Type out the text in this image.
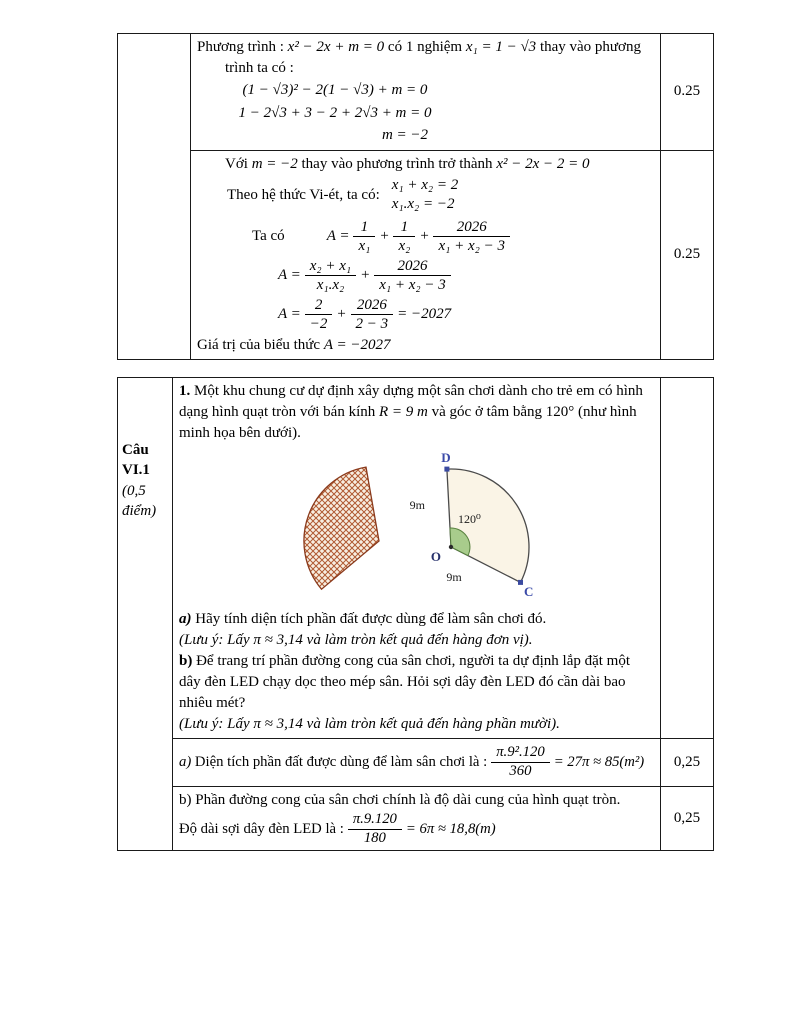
	Phương trình : x² − 2x + m = 0 có 1 nghiệm x₁ = 1 − √3 thay vào phương
trình ta có :
(1 − √3)² − 2(1 − √3) + m = 0
1 − 2√3 + 3 − 2 + 2√3 + m = 0
m = −2	0.25

Với m = −2 thay vào phương trình trở thành x² − 2x − 2 = 0
Theo hệ thức Vi-ét, ta có:
x₁ + x₂ = 2
x₁.x₂ = −2
Ta có	$A = \frac{1}{\text{x₁}} + \frac{1}{\text{x₂}} + \frac{2026}{\text{x₁ + x₂ − 3}}$
$A = \frac{\text{x₂ + x₁}}{\text{x₁.x₂}} + \frac{2026}{\text{x₁ + x₂ − 3}}$
$A = \frac{2}{-2} + \frac{2026}{2 - 3} = -2027$
Giá trị của biểu thức A = −2027
	0.25
Câu
VI.1
(0,5
điểm)

1. Một khu chung cư dự định xây dựng một sân chơi dành cho trẻ em có hình dạng hình quạt tròn với bán kính R = 9 m và góc ở tâm bằng 120° (như hình minh họa bên dưới).
D
O
C
9m
9m
120⁰
a) Hãy tính diện tích phần đất được dùng để làm sân chơi đó.
(Lưu ý: Lấy π ≈ 3,14 và làm tròn kết quả đến hàng đơn vị).
b) Để trang trí phần đường cong của sân chơi, người ta dự định lắp đặt một dây đèn LED chạy dọc theo mép sân. Hỏi sợi dây đèn LED đó cần dài bao nhiêu mét?
(Lưu ý: Lấy π ≈ 3,14 và làm tròn kết quả đến hàng phần mười).

	a)
Diện tích phần đất được dùng để làm sân chơi là : $\frac{\text{π.9².120}}{360} = 27\pi \approx 85(m^2)$	0,25

	b) Phần đường cong của sân chơi chính là độ dài cung của hình quạt tròn.
Độ dài sợi dây đèn LED là : $\frac{\pi.9.120}{180} = 6\pi \approx 18,8(m)$	0,25
